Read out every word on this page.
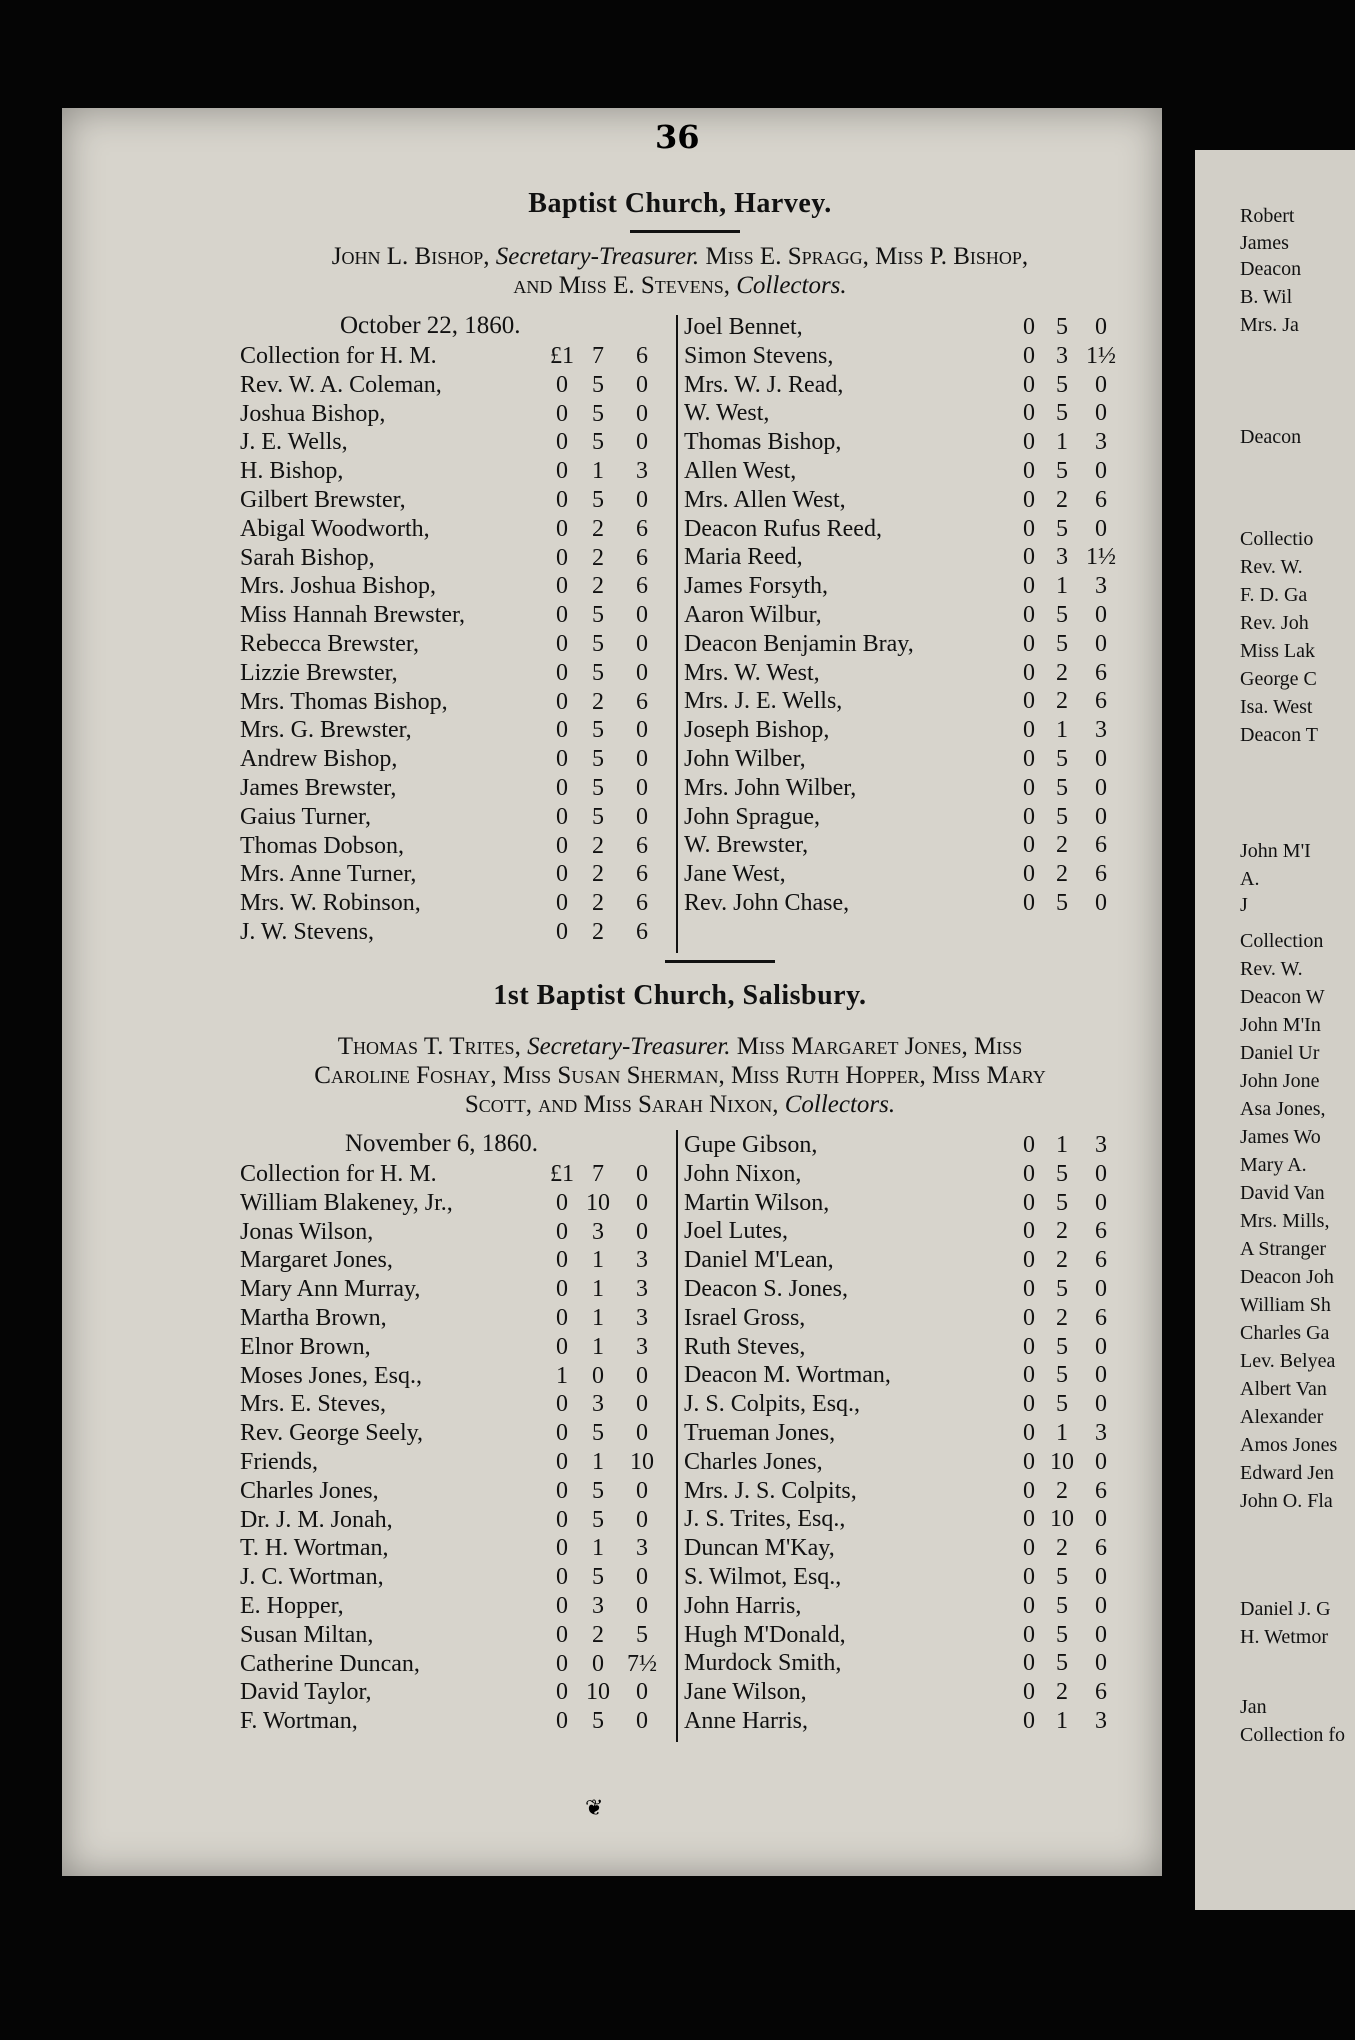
36
Baptist Church, Harvey.
John L. Bishop, Secretary-Treasurer. Miss E. Spragg, Miss P. Bishop,
and Miss E. Stevens, Collectors.
October 22, 1860.
Collection for H. M.	£1 7	6
Rev. W. A. Coleman,	0	5	0
Joshua Bishop,	0	5	0
J. E. Wells,	0	5	0
H. Bishop,	0	1	3
Gilbert Brewster,	0	5	0
Abigal Woodworth,	0	2	6
Sarah Bishop,	0	2	6
Mrs. Joshua Bishop,	0	2	6
Miss Hannah Brewster,	0	5	0
Rebecca Brewster,	0	5	0
Lizzie Brewster,	0	5	0
Mrs. Thomas Bishop,	0	2	6
Mrs. G. Brewster,	0	5	0
Andrew Bishop,	0	5	0
James Brewster,	0	5	0
Gaius Turner,	0	5	0
Thomas Dobson,	0	2	6
Mrs. Anne Turner,	0	2	6
Mrs. W. Robinson,	0	2	6
J. W. Stevens,	0	2	6
Joel Bennet,	0 5	0
Simon Stevens,	0 3 1½
Mrs. W. J. Read,	0 5	0
W. West,	0 5	0
Thomas Bishop,	0 1	3
Allen West,	0 5	0
Mrs. Allen West,	0 2	6
Deacon Rufus Reed,	0 5	0
Maria Reed,	0 3 1½
James Forsyth,	0 1	3
Aaron Wilbur,	0 5	0
Deacon Benjamin Bray,	0 5	0
Mrs. W. West,	0 2	6
Mrs. J. E. Wells,	0 2	6
Joseph Bishop,	0 1	3
John Wilber,	0 5	0
Mrs. John Wilber,	0 5	0
John Sprague,	0 5	0
W. Brewster,	0 2	6
Jane West,	0 2	6
Rev. John Chase,	0 5	0
1st Baptist Church, Salisbury.
Thomas T. Trites, Secretary-Treasurer. Miss Margaret Jones, Miss
Caroline Foshay, Miss Susan Sherman, Miss Ruth Hopper, Miss Mary
Scott, and Miss Sarah Nixon, Collectors.
November 6, 1860.
Collection for H. M.	£1 7	0
William Blakeney, Jr.,	0 10	0
Jonas Wilson,	0	3	0
Margaret Jones,	0	1	3
Mary Ann Murray,	0	1	3
Martha Brown,	0	1	3
Elnor Brown,	0	1	3
Moses Jones, Esq.,	1	0	0
Mrs. E. Steves,	0	3	0
Rev. George Seely,	0	5	0
Friends,	0	1	10
Charles Jones,	0	5	0
Dr. J. M. Jonah,	0	5	0
T. H. Wortman,	0	1	3
J. C. Wortman,	0	5	0
E. Hopper,	0	3	0
Susan Miltan,	0	2	5
Catherine Duncan,	0	0 7½
David Taylor,	0 10	0
F. Wortman,	0	5	0
Gupe Gibson,	0 1	3
John Nixon,	0 5	0
Martin Wilson,	0 5	0
Joel Lutes,	0 2	6
Daniel M'Lean,	0 2	6
Deacon S. Jones,	0 5	0
Israel Gross,	0 2	6
Ruth Steves,	0 5	0
Deacon M. Wortman,	0 5	0
J. S. Colpits, Esq.,	0 5	0
Trueman Jones,	0 1	3
Charles Jones,	0 10 0
Mrs. J. S. Colpits,	0 2	6
J. S. Trites, Esq.,	0 10 0
Duncan M'Kay,	0 2	6
S. Wilmot, Esq.,	0 5	0
John Harris,	0 5	0
Hugh M'Donald,	0 5	0
Murdock Smith,	0 5	0
Jane Wilson,	0 2	6
Anne Harris,	0 1	3
❦
Robert
James
Deacon
B. Wil
Mrs. Ja
Deacon
Collectio
Rev. W.
F. D. Ga
Rev. Joh
Miss Lak
George C
Isa. West
Deacon T
John M'I
A.
J
Collection
Rev. W.
Deacon W
John M'In
Daniel Ur
John Jone
Asa Jones,
James Wo
Mary A.
David Van
Mrs. Mills,
A Stranger
Deacon Joh
William Sh
Charles Ga
Lev. Belyea
Albert Van
Alexander
Amos Jones
Edward Jen
John O. Fla
Daniel J. G
H. Wetmor
Jan
Collection fo
